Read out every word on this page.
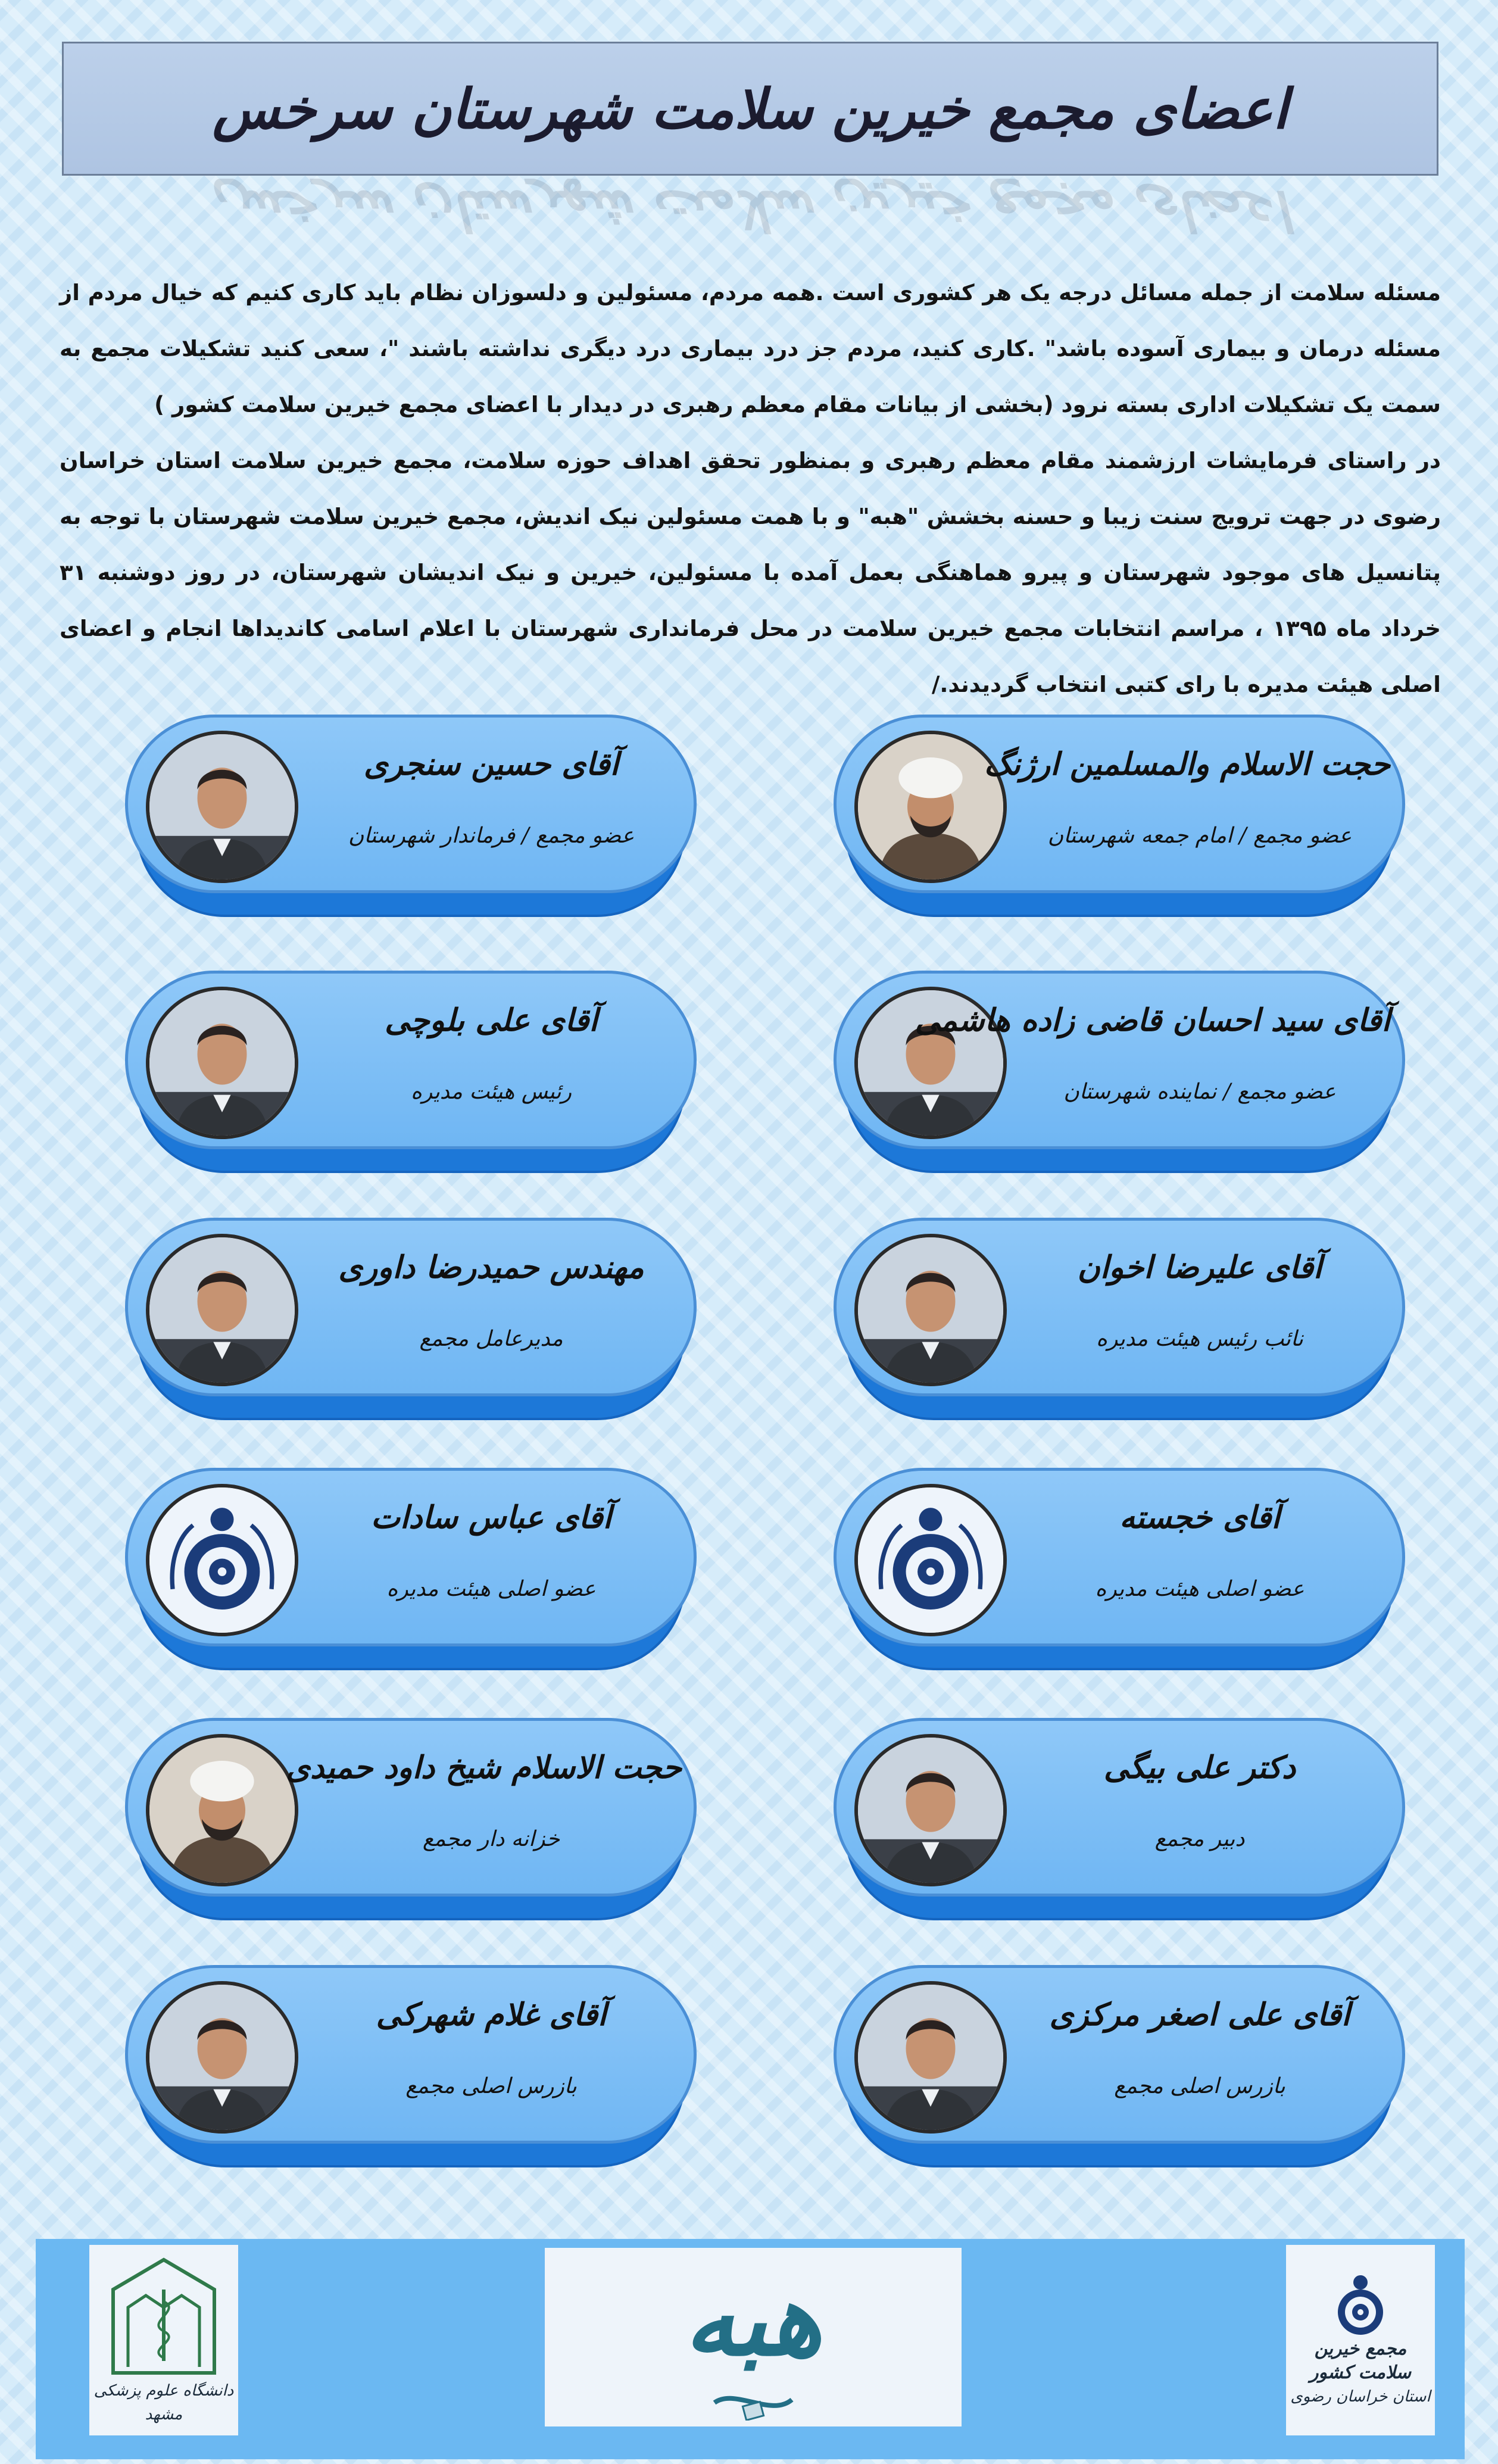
اعضای مجمع خیرین سلامت شهرستان سرخس
اعضای مجمع خیرین سلامت شهرستان سرخس

مسئله سلامت از جمله مسائل درجه یک هر کشوری است .همه مردم، مسئولین و دلسوزان نظام باید کاری کنیم که خیال مردم از مسئله درمان و بیماری آسوده باشد" .کاری کنید، مردم جز درد بیماری درد دیگری نداشته باشند "، سعی کنید تشکیلات مجمع به سمت یک تشکیلات اداری بسته نرود (بخشی از بیانات مقام معظم رهبری در دیدار با اعضای مجمع خیرین سلامت کشور )

در راستای فرمایشات ارزشمند مقام معظم رهبری و بمنظور تحقق اهداف حوزه سلامت، مجمع خیرین سلامت استان خراسان رضوی در جهت ترویج سنت زیبا و حسنه بخشش "هبه" و با همت مسئولین نیک اندیش، مجمع خیرین سلامت شهرستان با توجه به پتانسیل های موجود شهرستان و پیرو هماهنگی بعمل آمده با مسئولین، خیرین و نیک اندیشان شهرستان، در روز دوشنبه ۳۱ خرداد ماه ۱۳۹۵ ، مراسم انتخابات مجمع خیرین سلامت در محل فرمانداری شهرستان با اعلام اسامی کاندیداها انجام و اعضای اصلی هیئت مدیره با رای کتبی انتخاب گردیدند./

حجت الاسلام والمسلمین ارژنگ
عضو مجمع / امام جمعه شهرستان
آقای حسین سنجری
عضو مجمع / فرماندار شهرستان
آقای سید احسان قاضی زاده هاشمی
عضو مجمع / نماینده شهرستان
آقای علی بلوچی
رئیس هیئت مدیره
آقای علیرضا اخوان
نائب رئیس هیئت مدیره
مهندس حمیدرضا داوری
مدیرعامل مجمع
آقای خجسته
عضو اصلی هیئت مدیره
آقای عباس سادات
عضو اصلی هیئت مدیره
دکتر علی بیگی
دبیر مجمع
حجت الاسلام شیخ داود حمیدی
خزانه دار مجمع
آقای علی اصغر مرکزی
بازرس اصلی مجمع
آقای غلام شهرکی
بازرس اصلی مجمع
دانشگاه علوم پزشکی مشهد
هبه	مجمع خیرین سلامت کشور
استان خراسان رضوی
